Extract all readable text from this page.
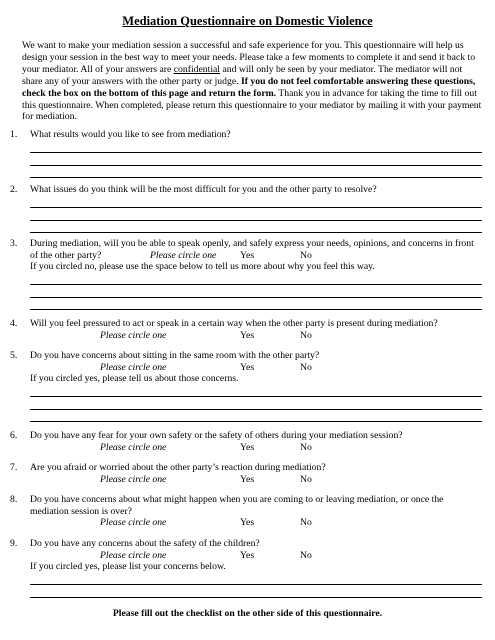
Mediation Questionnaire on Domestic Violence
We want to make your mediation session a successful and safe experience for you. This questionnaire will help us design your session in the best way to meet your needs. Please take a few moments to complete it and send it back to your mediator. All of your answers are confidential and will only be seen by your mediator. The mediator will not share any of your answers with the other party or judge. If you do not feel comfortable answering these questions, check the box on the bottom of this page and return the form. Thank you in advance for taking the time to fill out this questionnaire. When completed, please return this questionnaire to your mediator by mailing it with your payment for mediation.
1.	What results would you like to see from mediation?
2.	What issues do you think will be the most difficult for you and the other party to resolve?
3.	During mediation, will you be able to speak openly, and safely express your needs, opinions, and concerns in front
of the other party?	Please circle one	Yes	No
If you circled no, please use the space below to tell us more about why you feel this way.
4.	Will you feel pressured to act or speak in a certain way when the other party is present during mediation?
Please circle one	Yes	No
5.	Do you have concerns about sitting in the same room with the other party?
Please circle one	Yes	No
If you circled yes, please tell us about those concerns.
6.	Do you have any fear for your own safety or the safety of others during your mediation session?
Please circle one	Yes	No
7.	Are you afraid or worried about the other party’s reaction during mediation?
Please circle one	Yes	No
8.	Do you have concerns about what might happen when you are coming to or leaving mediation, or once the
mediation session is over?
Please circle one	Yes	No
9.	Do you have any concerns about the safety of the children?
Please circle one	Yes	No
If you circled yes, please list your concerns below.
Please fill out the checklist on the other side of this questionnaire.
